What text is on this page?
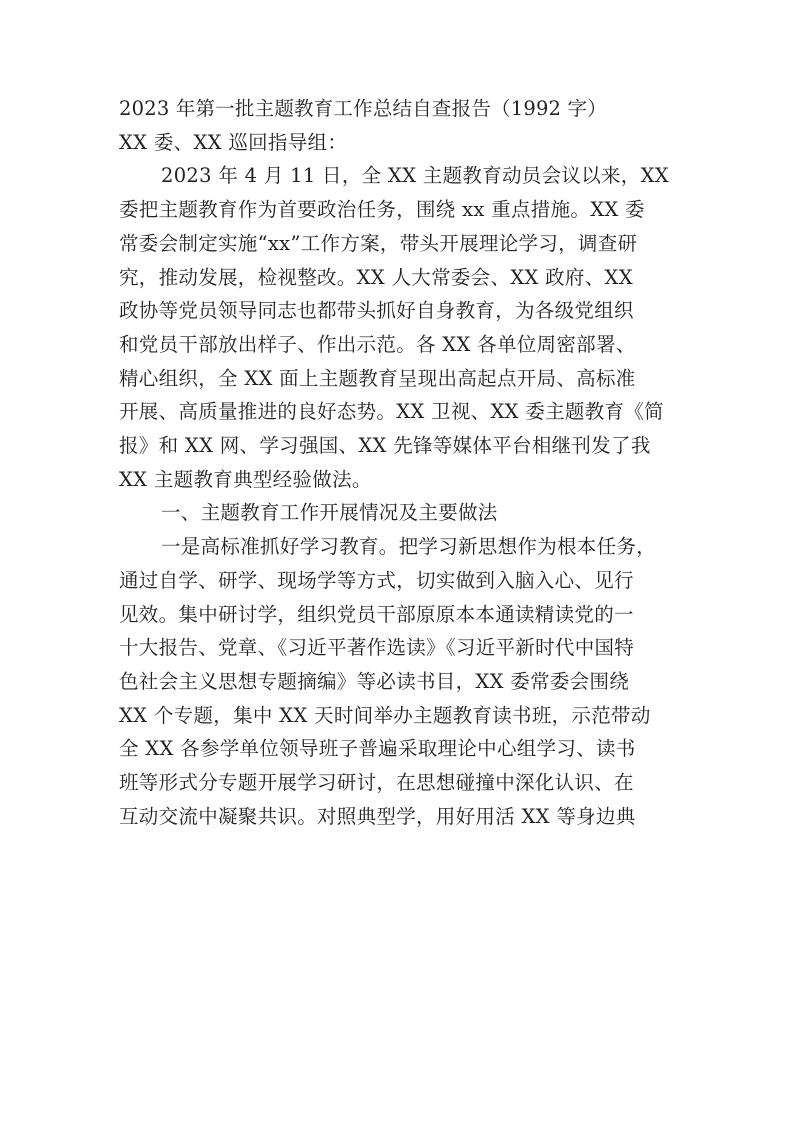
2023 年第一批主题教育工作总结自查报告（1992 字）

XX 委、XX 巡回指导组：

2023 年 4 月 11 日，全 XX 主题教育动员会议以来，XX

委把主题教育作为首要政治任务，围绕 xx 重点措施。XX 委

常委会制定实施“xx”工作方案，带头开展理论学习，调查研

究，推动发展，检视整改。XX 人大常委会、XX 政府、XX

政协等党员领导同志也都带头抓好自身教育，为各级党组织

和党员干部放出样子、作出示范。各 XX 各单位周密部署、

精心组织，全 XX 面上主题教育呈现出高起点开局、高标准

开展、高质量推进的良好态势。XX 卫视、XX 委主题教育《简

报》和 XX 网、学习强国、XX 先锋等媒体平台相继刊发了我

XX 主题教育典型经验做法。

一、主题教育工作开展情况及主要做法

一是高标准抓好学习教育。把学习新思想作为根本任务，

通过自学、研学、现场学等方式，切实做到入脑入心、见行

见效。集中研讨学，组织党员干部原原本本通读精读党的一

十大报告、党章、《习近平著作选读》《习近平新时代中国特

色社会主义思想专题摘编》等必读书目，XX 委常委会围绕

XX 个专题，集中 XX 天时间举办主题教育读书班，示范带动

全 XX 各参学单位领导班子普遍采取理论中心组学习、读书

班等形式分专题开展学习研讨，在思想碰撞中深化认识、在

互动交流中凝聚共识。对照典型学，用好用活 XX 等身边典
